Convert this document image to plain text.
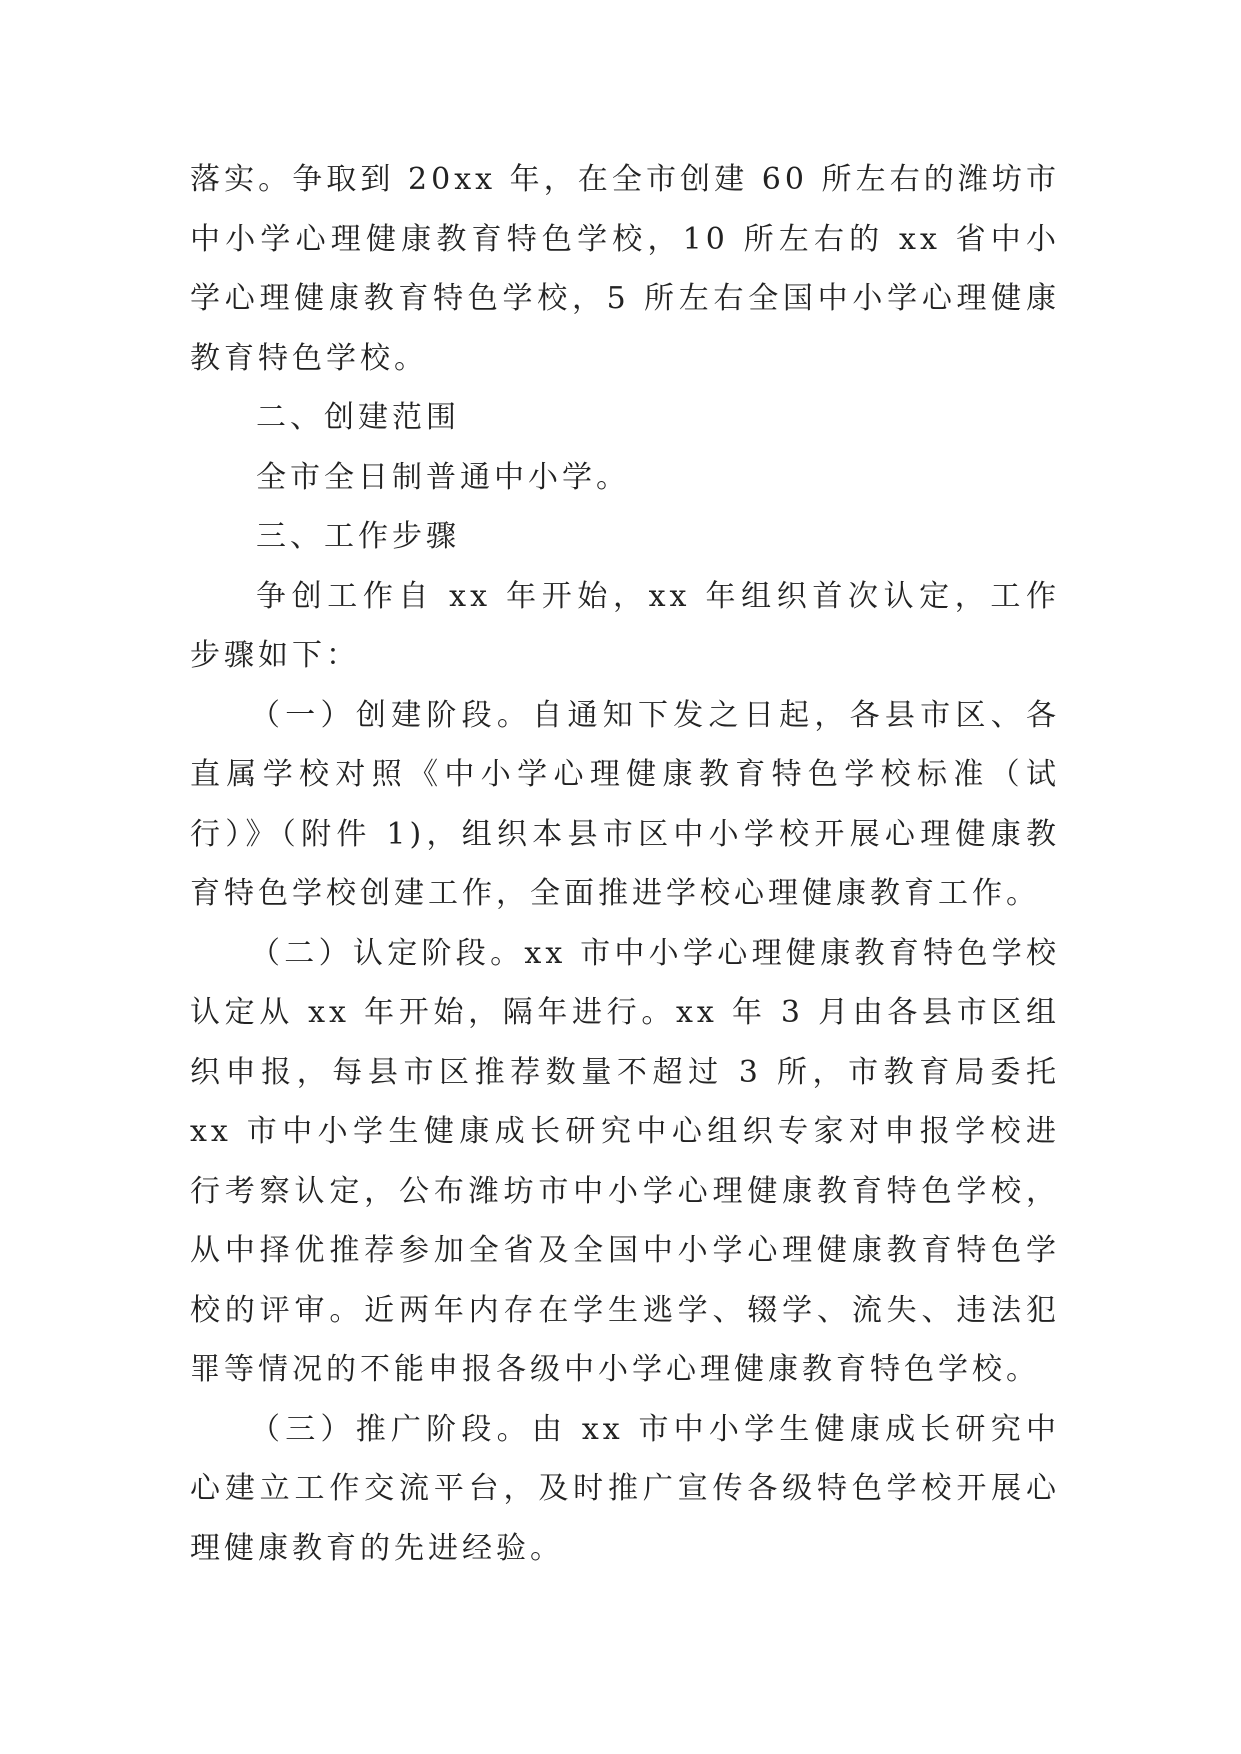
落实。争取到 20xx 年，在全市创建 60 所左右的潍坊市中小学心理健康教育特色学校，10 所左右的 xx 省中小学心理健康教育特色学校，5 所左右全国中小学心理健康教育特色学校。

二、创建范围

全市全日制普通中小学。

三、工作步骤

争创工作自 xx 年开始，xx 年组织首次认定，工作步骤如下：

（一）创建阶段。自通知下发之日起，各县市区、各直属学校对照《中小学心理健康教育特色学校标准（试行）》（附件 1)，组织本县市区中小学校开展心理健康教育特色学校创建工作，全面推进学校心理健康教育工作。

（二）认定阶段。xx 市中小学心理健康教育特色学校认定从 xx 年开始，隔年进行。xx 年 3 月由各县市区组织申报，每县市区推荐数量不超过 3 所，市教育局委托 xx 市中小学生健康成长研究中心组织专家对申报学校进行考察认定，公布潍坊市中小学心理健康教育特色学校，从中择优推荐参加全省及全国中小学心理健康教育特色学校的评审。近两年内存在学生逃学、辍学、流失、违法犯罪等情况的不能申报各级中小学心理健康教育特色学校。

（三）推广阶段。由 xx 市中小学生健康成长研究中心建立工作交流平台，及时推广宣传各级特色学校开展心理健康教育的先进经验。
